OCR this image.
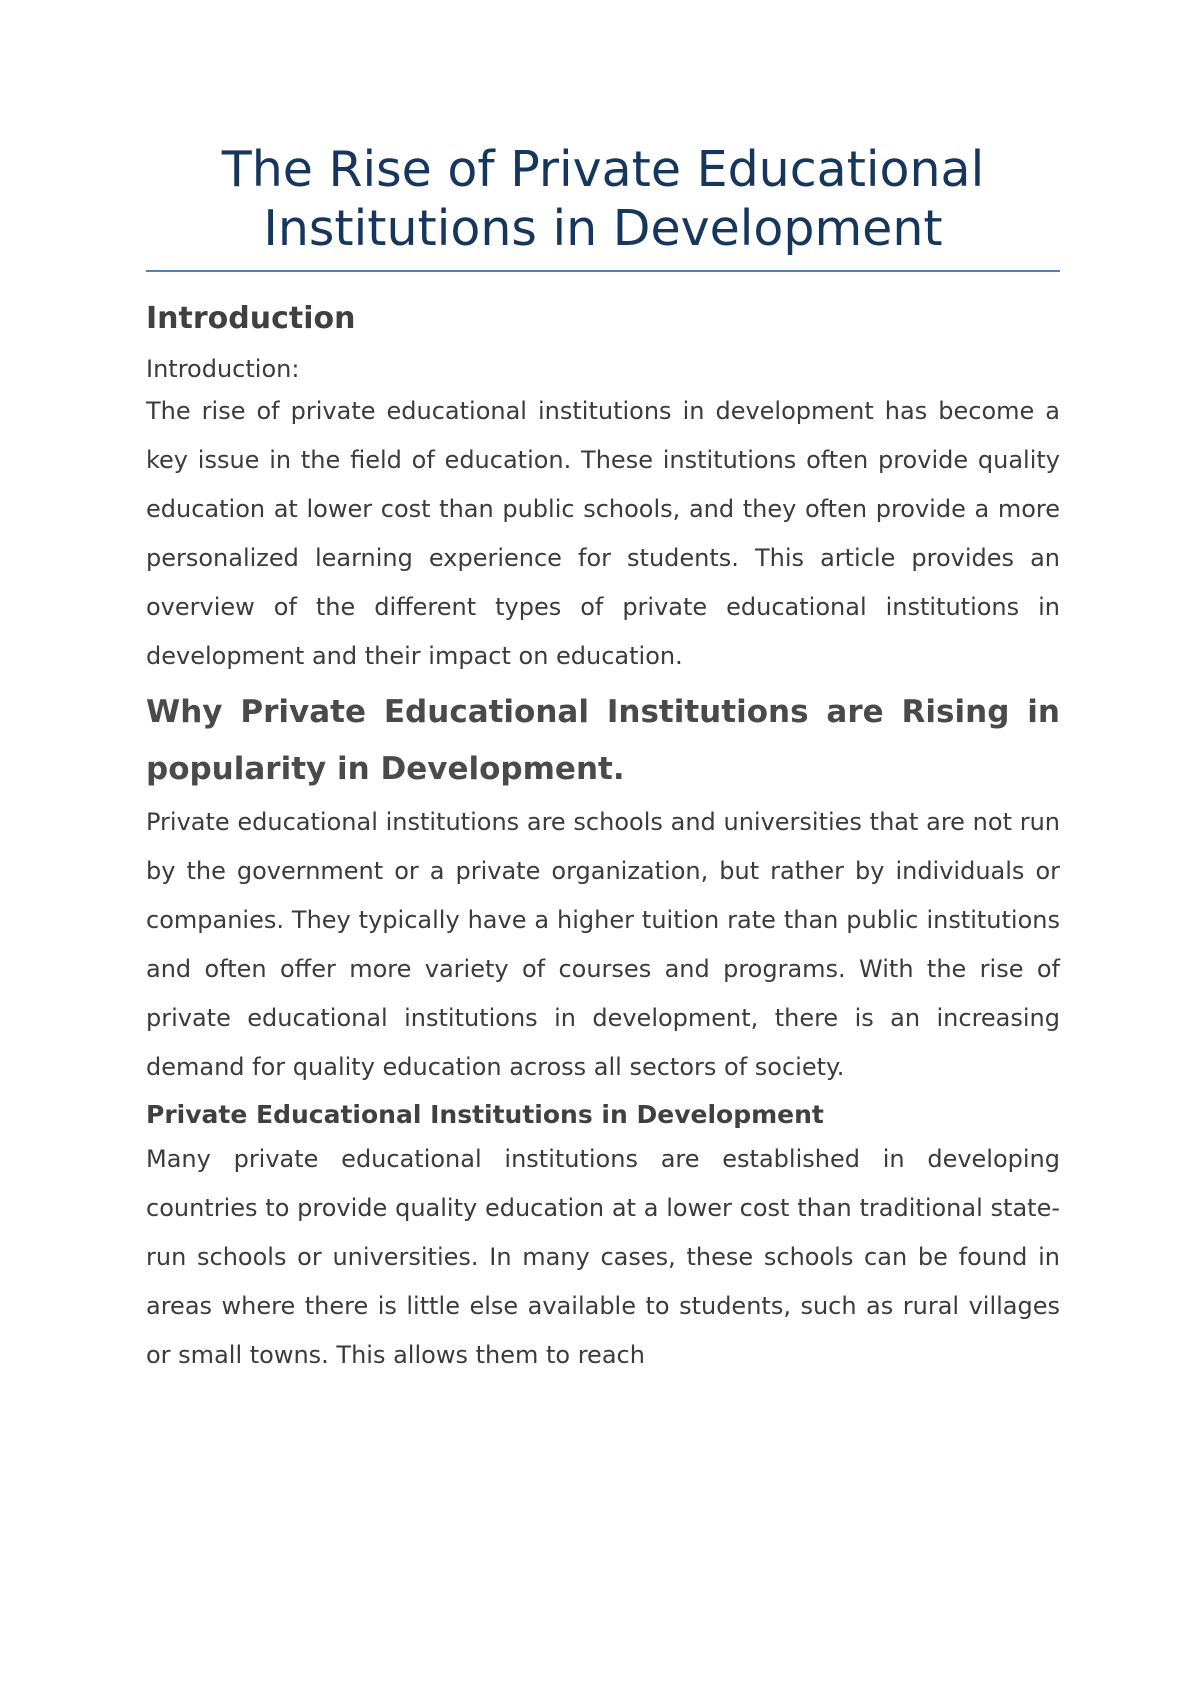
The Rise of Private Educational Institutions in Development
Introduction

Introduction:

The rise of private educational institutions in development has become a key issue in the field of education. These institutions often provide quality education at lower cost than public schools, and they often provide a more personalized learning experience for students. This article provides an overview of the different types of private educational institutions in development and their impact on education.

Why Private Educational Institutions are Rising in popularity in Development.

Private educational institutions are schools and universities that are not run by the government or a private organization, but rather by individuals or companies. They typically have a higher tuition rate than public institutions and often offer more variety of courses and programs. With the rise of private educational institutions in development, there is an increasing demand for quality education across all sectors of society.

Private Educational Institutions in Development

Many private educational institutions are established in developing countries to provide quality education at a lower cost than traditional state-run schools or universities. In many cases, these schools can be found in areas where there is little else available to students, such as rural villages or small towns. This allows them to reach
